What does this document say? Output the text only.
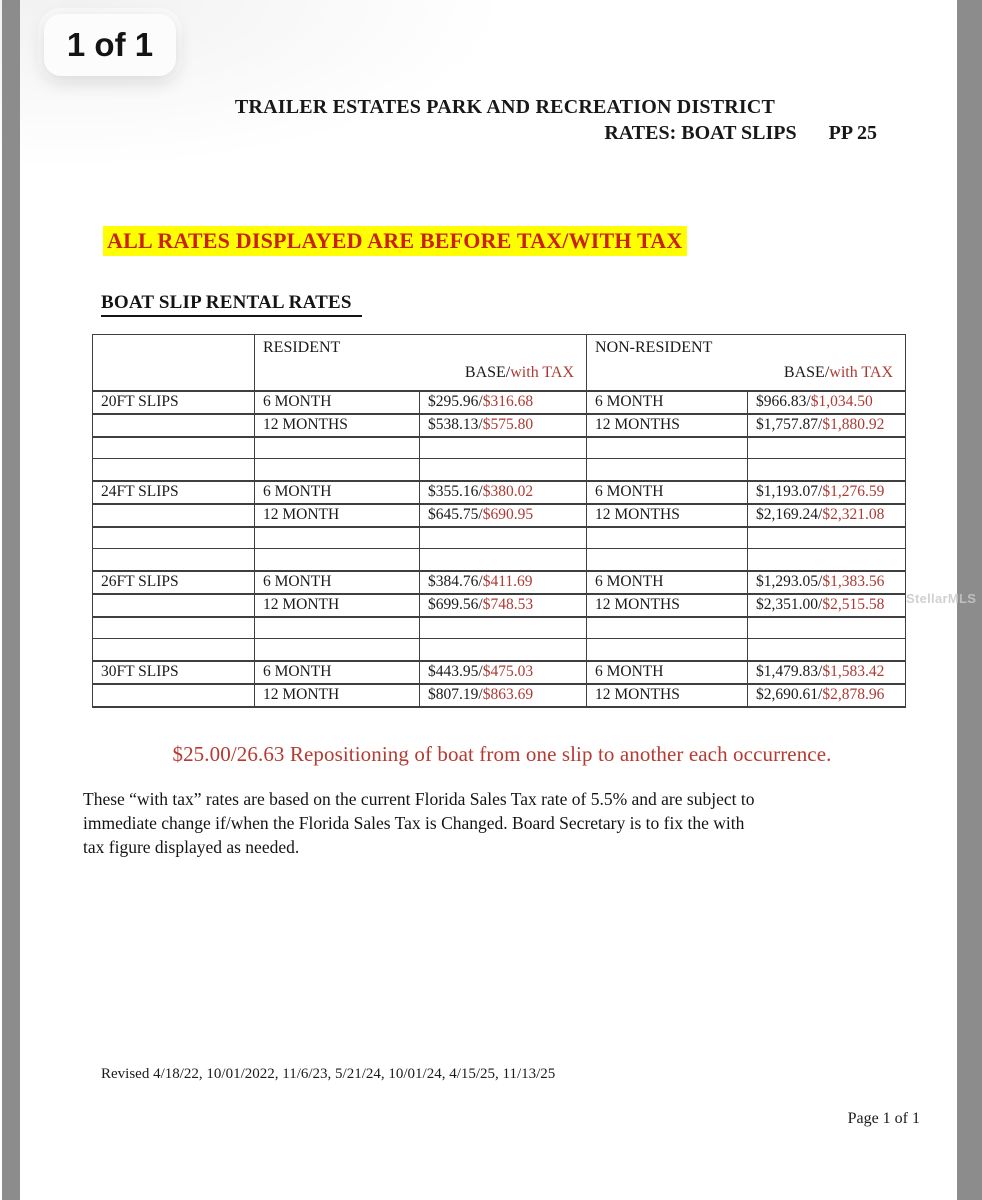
1 of 1
TRAILER ESTATES PARK AND RECREATION DISTRICT
RATES: BOAT SLIPS PP 25
ALL RATES DISPLAYED ARE BEFORE TAX/WITH TAX
BOAT SLIP RENTAL RATES

RESIDENT
BASE/with TAX

NON-RESIDENT
BASE/with TAX

20FT SLIPS	6 MONTH	$295.96/$316.68	6 MONTH	$966.83/$1,034.50
	12 MONTHS	$538.13/$575.80	12 MONTHS	$1,757.87/$1,880.92

24FT SLIPS	6 MONTH	$355.16/$380.02	6 MONTH	$1,193.07/$1,276.59
	12 MONTH	$645.75/$690.95	12 MONTHS	$2,169.24/$2,321.08

26FT SLIPS	6 MONTH	$384.76/$411.69	6 MONTH	$1,293.05/$1,383.56
	12 MONTH	$699.56/$748.53	12 MONTHS	$2,351.00/$2,515.58

30FT SLIPS	6 MONTH	$443.95/$475.03	6 MONTH	$1,479.83/$1,583.42
	12 MONTH	$807.19/$863.69	12 MONTHS	$2,690.61/$2,878.96
$25.00/26.63 Repositioning of boat from one slip to another each occurrence.
These “with tax” rates are based on the current Florida Sales Tax rate of 5.5% and are subject to
immediate change if/when the Florida Sales Tax is Changed. Board Secretary is to fix the with
tax figure displayed as needed.
Revised 4/18/22, 10/01/2022, 11/6/23, 5/21/24, 10/01/24, 4/15/25, 11/13/25
StellarMLS
Page 1 of 1
